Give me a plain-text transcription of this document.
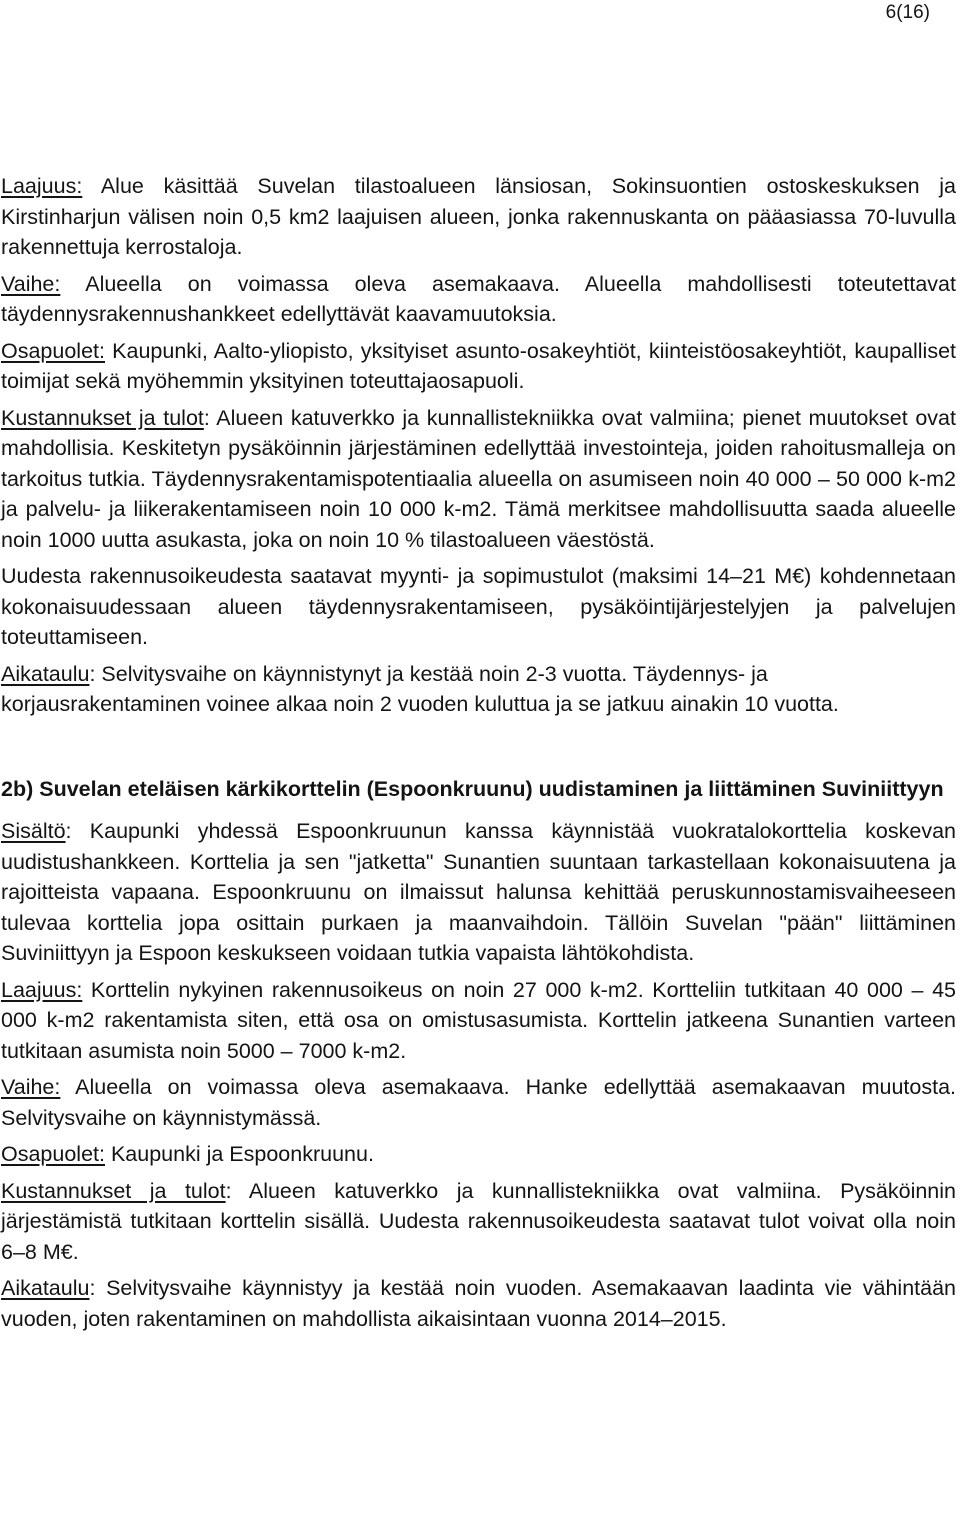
6(16)

Laajuus: Alue käsittää Suvelan tilastoalueen länsiosan, Sokinsuontien ostoskeskuksen ja Kirstinharjun välisen noin 0,5 km2 laajuisen alueen, jonka rakennuskanta on pääasiassa 70-luvulla rakennettuja kerrostaloja.

Vaihe: Alueella on voimassa oleva asemakaava. Alueella mahdollisesti toteutettavat täydennysrakennushankkeet edellyttävät kaavamuutoksia.

Osapuolet: Kaupunki, Aalto-yliopisto, yksityiset asunto-osakeyhtiöt, kiinteistöosakeyhtiöt, kaupalliset toimijat sekä myöhemmin yksityinen toteuttajaosapuoli.

Kustannukset ja tulot: Alueen katuverkko ja kunnallistekniikka ovat valmiina; pienet muutokset ovat mahdollisia. Keskitetyn pysäköinnin järjestäminen edellyttää investointeja, joiden rahoitusmalleja on tarkoitus tutkia. Täydennysrakentamispotentiaalia alueella on asumiseen noin 40 000 – 50 000 k-m2 ja palvelu- ja liikerakentamiseen noin 10 000 k-m2. Tämä merkitsee mahdollisuutta saada alueelle noin 1000 uutta asukasta, joka on noin 10 % tilastoalueen väestöstä.

Uudesta rakennusoikeudesta saatavat myynti- ja sopimustulot (maksimi 14–21 M€) kohdennetaan kokonaisuudessaan alueen täydennysrakentamiseen, pysäköintijärjestelyjen ja palvelujen toteuttamiseen.

Aikataulu: Selvitysvaihe on käynnistynyt ja kestää noin 2-3 vuotta. Täydennys- ja korjausrakentaminen voinee alkaa noin 2 vuoden kuluttua ja se jatkuu ainakin 10 vuotta.

2b) Suvelan eteläisen kärkikorttelin (Espoonkruunu) uudistaminen ja liittäminen Suviniittyyn

Sisältö: Kaupunki yhdessä Espoonkruunun kanssa käynnistää vuokratalokorttelia koskevan uudistushankkeen. Korttelia ja sen "jatketta" Sunantien suuntaan tarkastellaan kokonaisuutena ja rajoitteista vapaana. Espoonkruunu on ilmaissut halunsa kehittää peruskunnostamisvaiheeseen tulevaa korttelia jopa osittain purkaen ja maanvaihdoin. Tällöin Suvelan "pään" liittäminen Suviniittyyn ja Espoon keskukseen voidaan tutkia vapaista lähtökohdista.

Laajuus: Korttelin nykyinen rakennusoikeus on noin 27 000 k-m2. Kortteliin tutkitaan 40 000 – 45 000 k-m2 rakentamista siten, että osa on omistusasumista. Korttelin jatkeena Sunantien varteen tutkitaan asumista noin 5000 – 7000 k-m2.

Vaihe: Alueella on voimassa oleva asemakaava. Hanke edellyttää asemakaavan muutosta. Selvitysvaihe on käynnistymässä.

Osapuolet: Kaupunki ja Espoonkruunu.

Kustannukset ja tulot: Alueen katuverkko ja kunnallistekniikka ovat valmiina. Pysäköinnin järjestämistä tutkitaan korttelin sisällä. Uudesta rakennusoikeudesta saatavat tulot voivat olla noin 6–8 M€.

Aikataulu: Selvitysvaihe käynnistyy ja kestää noin vuoden. Asemakaavan laadinta vie vähintään vuoden, joten rakentaminen on mahdollista aikaisintaan vuonna 2014–2015.
